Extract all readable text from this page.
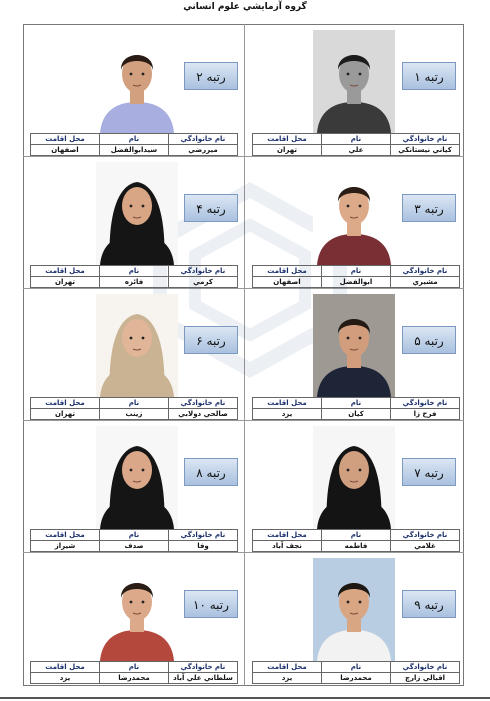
گروه آزمايشي علوم انساني
رتبه ۱
نام خانوادگي	نام	محل اقامت
كياني نيستانكي	علي	تهران
رتبه ۲
نام خانوادگي	نام	محل اقامت
ميررضي	سيدابوالفضل	اصفهان
رتبه ۳
نام خانوادگي	نام	محل اقامت
مشيري	ابوالفضل	اصفهان
رتبه ۴
نام خانوادگي	نام	محل اقامت
كرمي	فائزه	تهران
رتبه ۵
نام خانوادگي	نام	محل اقامت
فرح زا	كيان	يزد
رتبه ۶
نام خانوادگي	نام	محل اقامت
صالحي دولابي	زينب	تهران
رتبه ۷
نام خانوادگي	نام	محل اقامت
غلامي	فاطمه	نجف آباد
رتبه ۸
نام خانوادگي	نام	محل اقامت
وفا	صدف	شيراز
رتبه ۹
نام خانوادگي	نام	محل اقامت
اقبالي زارچ	محمدرضا	يزد
رتبه ۱۰
نام خانوادگي	نام	محل اقامت
سلطاني علي آباد	محمدرضا	يزد
